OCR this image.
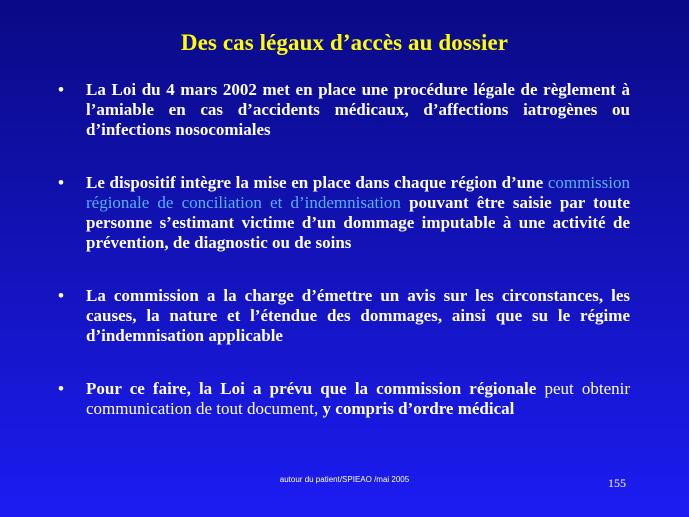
Des cas légaux d’accès au dossier
• La Loi du 4 mars 2002 met en place une procédure légale de règlement à l’amiable en cas d’accidents médicaux, d’affections iatrogènes ou d’infections nosocomiales
• Le dispositif intègre la mise en place dans chaque région d’une commission régionale de conciliation et d’indemnisation pouvant être saisie par toute personne s’estimant victime d’un dommage imputable à une activité de prévention, de diagnostic ou de soins
• La commission a la charge d’émettre un avis sur les circonstances, les causes, la nature et l’étendue des dommages, ainsi que su le régime d’indemnisation applicable
• Pour ce faire, la Loi a prévu que la commission régionale peut obtenir communication de tout document, y compris d’ordre médical
autour du patient/SPIEAO /mai 2005	155
